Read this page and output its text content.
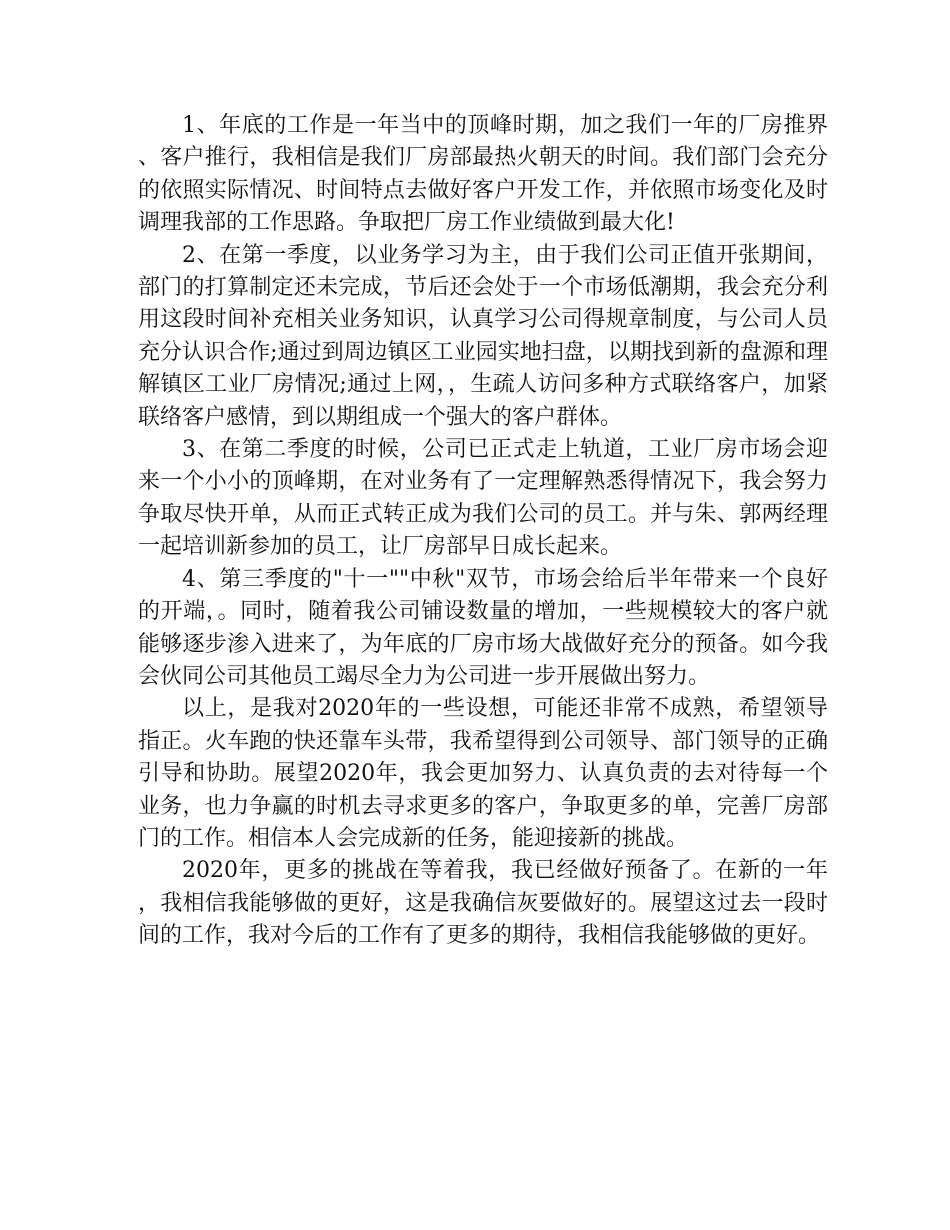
1、年底的工作是一年当中的顶峰时期，加之我们一年的厂房推界、客户推行，我相信是我们厂房部最热火朝天的时间。我们部门会充分的依照实际情况、时间特点去做好客户开发工作，并依照市场变化及时调理我部的工作思路。争取把厂房工作业绩做到最大化!

2、在第一季度，以业务学习为主，由于我们公司正值开张期间，部门的打算制定还未完成，节后还会处于一个市场低潮期，我会充分利用这段时间补充相关业务知识，认真学习公司得规章制度，与公司人员充分认识合作;通过到周边镇区工业园实地扫盘，以期找到新的盘源和理解镇区工业厂房情况;通过上网，，生疏人访问多种方式联络客户，加紧联络客户感情，到以期组成一个强大的客户群体。

3、在第二季度的时候，公司已正式走上轨道，工业厂房市场会迎来一个小小的顶峰期，在对业务有了一定理解熟悉得情况下，我会努力争取尽快开单，从而正式转正成为我们公司的员工。并与朱、郭两经理一起培训新参加的员工，让厂房部早日成长起来。

4、第三季度的"十一""中秋"双节，市场会给后半年带来一个良好的开端，。同时，随着我公司铺设数量的增加，一些规模较大的客户就能够逐步渗入进来了，为年底的厂房市场大战做好充分的预备。如今我会伙同公司其他员工竭尽全力为公司进一步开展做出努力。

以上，是我对2020年的一些设想，可能还非常不成熟，希望领导指正。火车跑的快还靠车头带，我希望得到公司领导、部门领导的正确引导和协助。展望2020年，我会更加努力、认真负责的去对待每一个业务，也力争赢的时机去寻求更多的客户，争取更多的单，完善厂房部门的工作。相信本人会完成新的任务，能迎接新的挑战。

2020年，更多的挑战在等着我，我已经做好预备了。在新的一年，我相信我能够做的更好，这是我确信灰要做好的。展望这过去一段时间的工作，我对今后的工作有了更多的期待，我相信我能够做的更好。
